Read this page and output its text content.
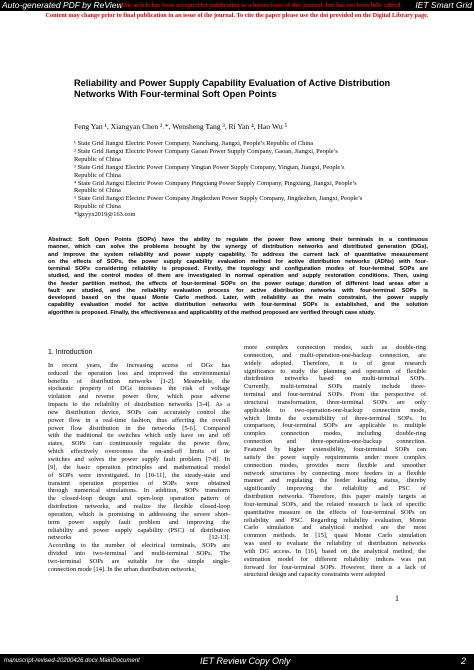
Auto-generated PDF by ReView
This article has been accepted for publication in a future issue of this journal, but has not been fully edited. IET Smart Grid
Content may change prior to final publication in an issue of the journal. To cite the paper please use the doi provided on the Digital Library page.
Reliability and Power Supply Capability Evaluation of Active Distribution Networks With Four-terminal Soft Open Points
Feng Yan ¹, Xiangyan Chen ²˒*, Wensheng Tang ³, Ri Yan ⁴, Hao Wu ⁵
¹ State Grid Jiangxi Electric Power Company, Nanchang, Jiangxi, People’s Republic of China
² State Grid Jiangxi Electric Power Company Gaoan Power Supply Company, Gaoan, Jiangxi, People’s
Republic of China
³ State Grid Jiangxi Electric Power Company Yingtan Power Supply Company, Yingtan, Jiangxi, People’s
Republic of China
⁴ State Grid Jiangxi Electric Power Company Pingxiang Power Supply Company, Pingxiang, Jiangxi, People’s
Republic of China
⁵ State Grid Jiangxi Electric Power Company Jingdezhen Power Supply Company, Jingdezhen, Jiangxi, People’s
Republic of China
*lgzyyx2019@163.com
Abstract: Soft Open Points (SOPs) have the ability to regulate the power flow among their terminals in a continuous
manner, which can solve the problems brought by the synergy of distribution networks and distributed generation (DGs),
and improve the system reliability and power supply capability. To address the current lack of quantitative measurement
on the effects of SOPs, the power supply capability evaluation method for active distribution networks (ADNs) with four-
terminal SOPs considering reliability is proposed. Firstly, the topology and configuration modes of four-terminal SOPs are
studied, and the control modes of them are investigated in normal operation and supply restoration conditions. Then, using
the feeder partition method, the effects of four-terminal SOPs on the power outage duration of different load areas after a
fault are studied, and the reliability evaluation process for active distribution networks with four-terminal SOPs is
developed based on the quasi Monte Carlo method. Later, with reliability as the main constraint, the power supply
capability evaluation model for active distribution networks with four-terminal SOPs is established, and the solution
algorithm is proposed. Finally, the effectiveness and applicability of the method proposed are verified through case study.
1. Introduction
In recent years, the increasing access of DGs has
reduced the operation loss and improved the environmental
benefits of distribution networks [1-2]. Meanwhile, the
stochastic property of DGs increases the risk of voltage
violation and reverse power flow, which pose adverse
impacts to the reliability of distribution networks [3-4]. As a
new distribution device, SOPs can accurately control the
power flow in a real-time fashion, thus affecting the overall
power flow distribution in the networks [5-6]. Compared
with the traditional tie switches which only have on and off
states, SOPs can continuously regulate the power flow,
which effectively overcomes the on-and-off limits of tie
switches and solves the power supply fault problem [7-8]. In
[9], the basic operation principles and mathematical model
of SOPs were investigated. In [10-11], the steady-state and
transient operation properties of SOPs were obtained
through numerical simulations. In addition, SOPs transform
the closed-loop design and open-loop operation pattern of
distribution networks, and realize the flexible closed-loop
operation, which is promising in addressing the severe short-
term power supply fault problem and improving the
reliability and power supply capability (PSC) of distribution
networks [12-13].
According to the number of electrical terminals, SOPs are
divided into two-terminal and multi-terminal SOPs. The
two-terminal SOPs are suitable for the simple single-
connection mode [14]. In the urban distribution networks,
more complex connection modes, such as double-ring
connection, and multi-operation-one-backup connection, are
widely adopted. Therefore, it is of great research
significance to study the planning and operation of flexible
distribution networks based on multi-terminal SOPs.
Currently, multi-terminal SOPs mainly include three-
terminal and four-terminal SOPs. From the perspective of
structural transformation, three-terminal SOPs are only
applicable to two-operation-one-backup connection mode,
which limits the extensibility of three-terminal SOPs. In
comparison, four-terminal SOPs are applicable to multiple
complex connection modes, including double-ring
connection and three-operation-one-backup connection.
Featured by higher extensibility, four-terminal SOPs can
satisfy the power supply requirements under more complex
connection modes, provides more flexible and smoother
network structures by connecting more feeders in a flexible
manner and regulating the feeder loading status, thereby
significantly improving the reliability and PSC of
distribution networks. Therefore, this paper mainly targets at
four-terminal SOPs, and the related research is lack of specific
quantitative measure on the effects of four-terminal SOPs on
reliability and PSC. Regarding reliability evaluation, Monte
Carlo simulation and analytical method are the most
common methods. In [15], quasi Monte Carlo simulation
was used to evaluate the reliability of distribution networks
with DG access. In [16], based on the analytical method, the
estimation model for different reliability indices was put
forward for four-terminal SOPs. However, there is a lack of
structural design and capacity constraints were adopted
1
manuscript-revised-20200426.docx MainDocument	IET Review Copy Only	2
